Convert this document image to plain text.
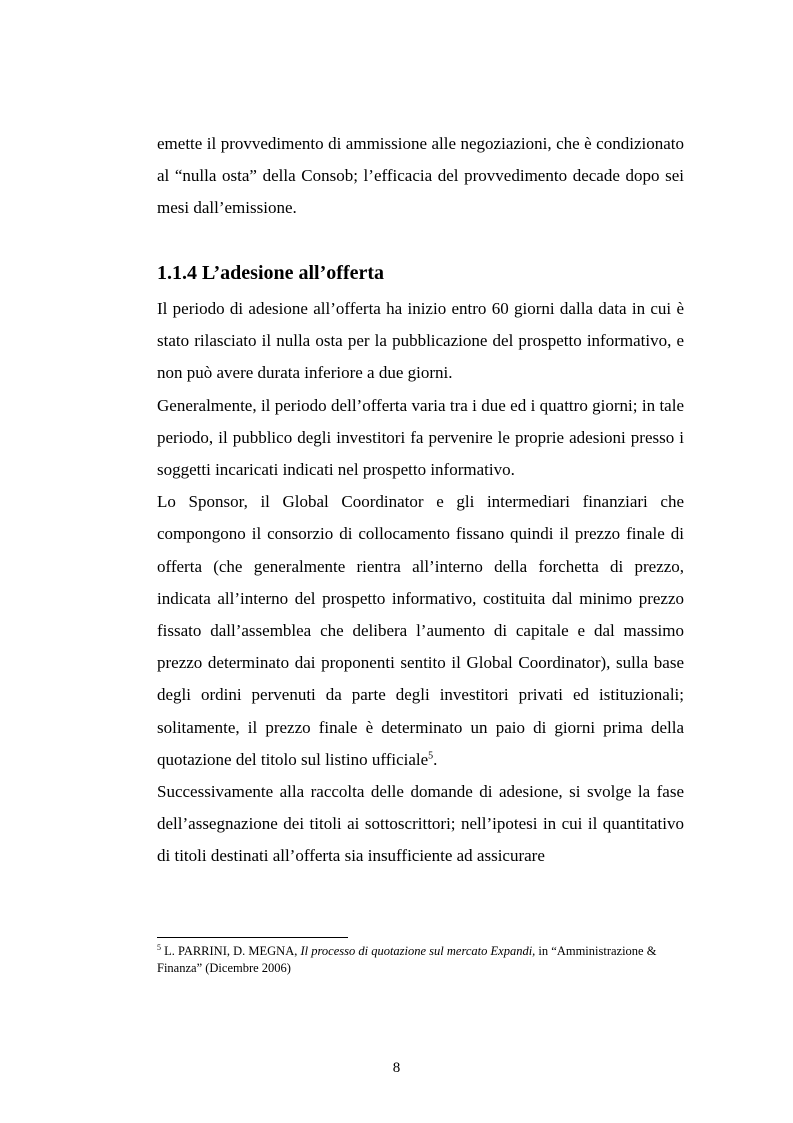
emette il provvedimento di ammissione alle negoziazioni, che è condizionato al “nulla osta” della Consob; l’efficacia del provvedimento decade dopo sei mesi dall’emissione.

1.1.4 L’adesione all’offerta
Il periodo di adesione all’offerta ha inizio entro 60 giorni dalla data in cui è stato rilasciato il nulla osta per la pubblicazione del prospetto informativo, e non può avere durata inferiore a due giorni.
Generalmente, il periodo dell’offerta varia tra i due ed i quattro giorni; in tale periodo, il pubblico degli investitori fa pervenire le proprie adesioni presso i soggetti incaricati indicati nel prospetto informativo.
Lo Sponsor, il Global Coordinator e gli intermediari finanziari che compongono il consorzio di collocamento fissano quindi il prezzo finale di offerta (che generalmente rientra all’interno della forchetta di prezzo, indicata all’interno del prospetto informativo, costituita dal minimo prezzo fissato dall’assemblea che delibera l’aumento di capitale e dal massimo prezzo determinato dai proponenti sentito il Global Coordinator), sulla base degli ordini pervenuti da parte degli investitori privati ed istituzionali; solitamente, il prezzo finale è determinato un paio di giorni prima della quotazione del titolo sul listino ufficiale$^5$.
Successivamente alla raccolta delle domande di adesione, si svolge la fase dell’assegnazione dei titoli ai sottoscrittori; nell’ipotesi in cui il quantitativo di titoli destinati all’offerta sia insufficiente ad assicurare

$^5$ L. PARRINI, D. MEGNA, Il processo di quotazione sul mercato Expandi, in “Amministrazione & Finanza” (Dicembre 2006)

8
